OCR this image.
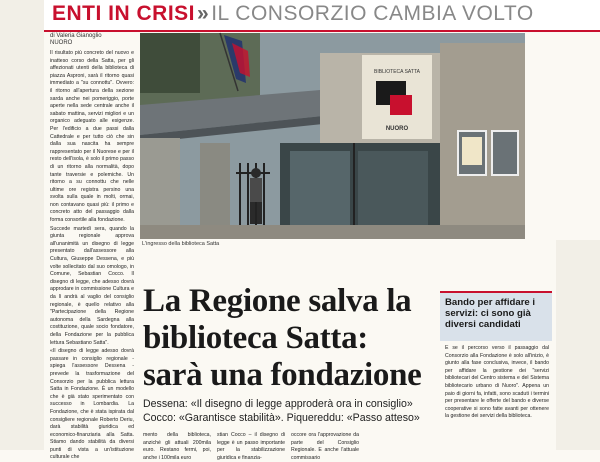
ENTI IN CRISI»IL CONSORZIO CAMBIA VOLTO
di Valeria Gianoglio
NUORO

Il risultato più concreto del nuovo e inatteso corso della Satta, per gli affezionati utenti della biblioteca di piazza Asproni, sarà il ritorno quasi immediato a "su connottu". Ovvero: il ritorno all'apertura della sezione sarda anche nei pomeriggio, porte aperte nella sede centrale anche il sabato mattina, servizi migliori e un organico adeguato alle esigenze. Per l'edificio a due passi dalla Cattedrale e per tutto ciò che sin dalla sua nascita ha sempre rappresentato per il Nuorese e per il resto dell'isola, è solo il primo passo di un ritorno alla normalità, dopo tante traversie e polemiche. Un ritorno a su connottu che nelle ultime ore registra persino una svolta sulla quale in molti, ormai, non contavano quasi più: il primo e concreto atto del passaggio dalla forma consortile alla fondazione.

Succede martedì sera, quando la giunta regionale approva all'unanimità un disegno di legge presentato dall'assessore alla Cultura, Giuseppe Dessena, e più volte sollecitato dal suo omologo, in Comune, Sebastian Cocco. Il disegno di legge, che adesso dovrà approdare in commissione Cultura e da lì andrà al vaglio del consiglio regionale, è quello relativo alla "Partecipazione della Regione autonoma della Sardegna alla costituzione, quale socio fondatore, della Fondazione per la pubblica lettura Sebastiano Satta".

«Il disegno di legge adesso dovrà passare in consiglio regionale - spiega l'assessore Dessena - prevede la trasformazione del Consorzio per la pubblica lettura Satta in Fondazione. È un modello che è già stato sperimentato con successo in Lombardia. La Fondazione, che è stata ispirata dal consigliere regionale Roberto Deriu, darà stabilità giuridica ed economico-finanziaria alla Satta. Stiamo dando stabilità da diversi punti di vista a un'istituzione culturale che

BIBLIOTECA SATTA
NUORO
L'ingresso della biblioteca Satta
La Regione salva la biblioteca Satta: sarà una fondazione
Dessena: «Il disegno di legge approderà ora in consiglio»
Cocco: «Garantisce stabilità». Piquereddu: «Passo atteso»
mento della biblioteca, anziché gli attuali 200mila euro. Restano fermi, poi, anche i 100mila euro
stian Cocco – il disegno di legge è un passo importante per la stabilizzazione giuridica e finanzia-
occore ora l'approvazione da parte del Consiglio Regionale. E anche l'attuale commissario
Bando per affidare i servizi: ci sono già diversi candidati
E se il percorso verso il passaggio dal Consorzio alla Fondazione è solo all'inizio, è giunto alla fase conclusiva, invece, il bando per affidare la gestione dei "servizi bibliotecari del Centro sistema e del Sistema bibliotecario urbano di Nuoro". Appena un paio di giorni fa, infatti, sono scaduti i termini per presentare le offerte del bando e diverse cooperative si sono fatte avanti per ottenere la gestione dei servizi della biblioteca.
